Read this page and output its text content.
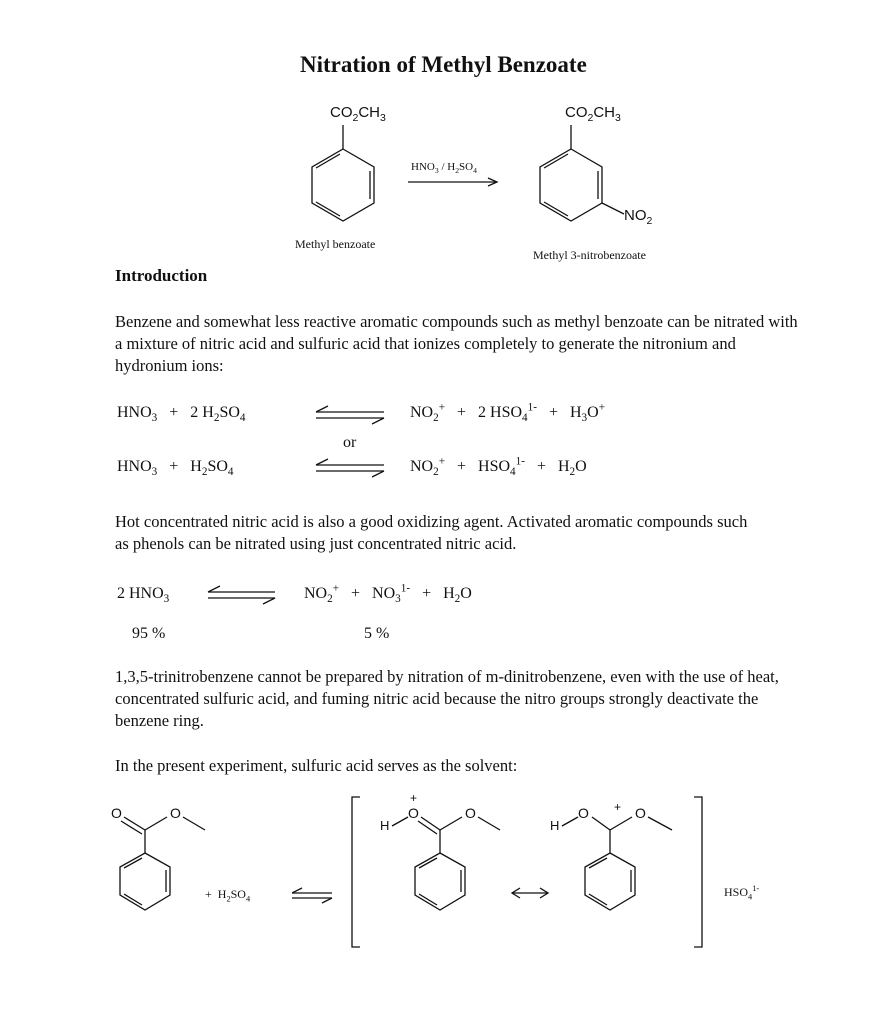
Nitration of Methyl Benzoate
$CO_2CH_3$
$HNO_3 / H_2SO_4$
$CO_2CH_3$
$NO_2$
Methyl benzoate
Methyl 3-nitrobenzoate
Introduction
Benzene and somewhat less reactive aromatic compounds such as methyl benzoate can be nitrated with a mixture of nitric acid and sulfuric acid that ionizes completely to generate the nitronium and hydronium ions:
$HNO_3 + 2$ $H_2SO_4$	$NO_2^+ + 2$ $HSO_4^{1-} + H_3O^+$
or
$HNO_3 + H_2SO_4$	$NO_2^+ + HSO_4^{1-} + H_2O$
Hot concentrated nitric acid is also a good oxidizing agent. Activated aromatic compounds such as phenols can be nitrated using just concentrated nitric acid.
2 $HNO_3$	$NO_2^+ + NO_3^{1-} + H_2O$
95 %	5 %
1,3,5-trinitrobenzene cannot be prepared by nitration of m-dinitrobenzene, even with the use of heat, concentrated sulfuric acid, and fuming nitric acid because the nitro groups strongly deactivate the benzene ring.
In the present experiment, sulfuric acid serves as the solvent:
O	O
H
O
+
O
H
O + O
+  $H_2SO_4$	$HSO_4^{1-}$
